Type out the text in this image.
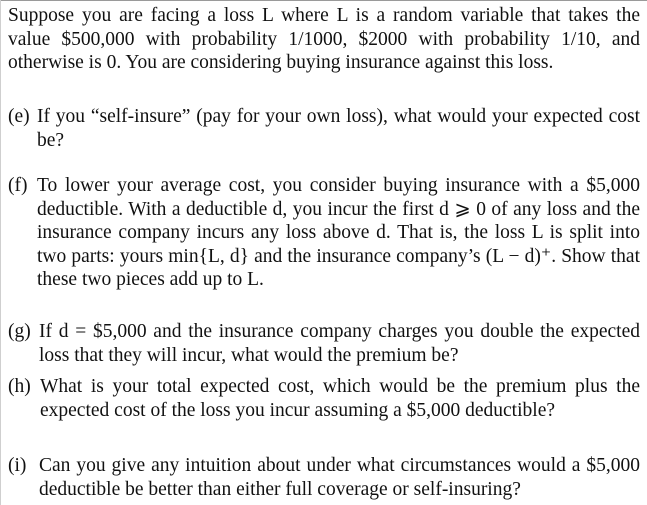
Suppose you are facing a loss L where L is a random variable that takes the value $500,000 with probability 1/1000, $2000 with probability 1/10, and otherwise is 0. You are considering buying insurance against this loss.
(e) If you “self-insure” (pay for your own loss), what would your expected cost be?
(f) To lower your average cost, you consider buying insurance with a $5,000 deductible. With a deductible d, you incur the first d ⩾ 0 of any loss and the insurance company incurs any loss above d. That is, the loss L is split into two parts: yours min{L, d} and the insurance company’s (L − d)⁺. Show that these two pieces add up to L.
(g) If d = $5,000 and the insurance company charges you double the expected loss that they will incur, what would the premium be?
(h) What is your total expected cost, which would be the premium plus the expected cost of the loss you incur assuming a $5,000 deductible?
(i) Can you give any intuition about under what circumstances would a $5,000 deductible be better than either full coverage or self-insuring?
